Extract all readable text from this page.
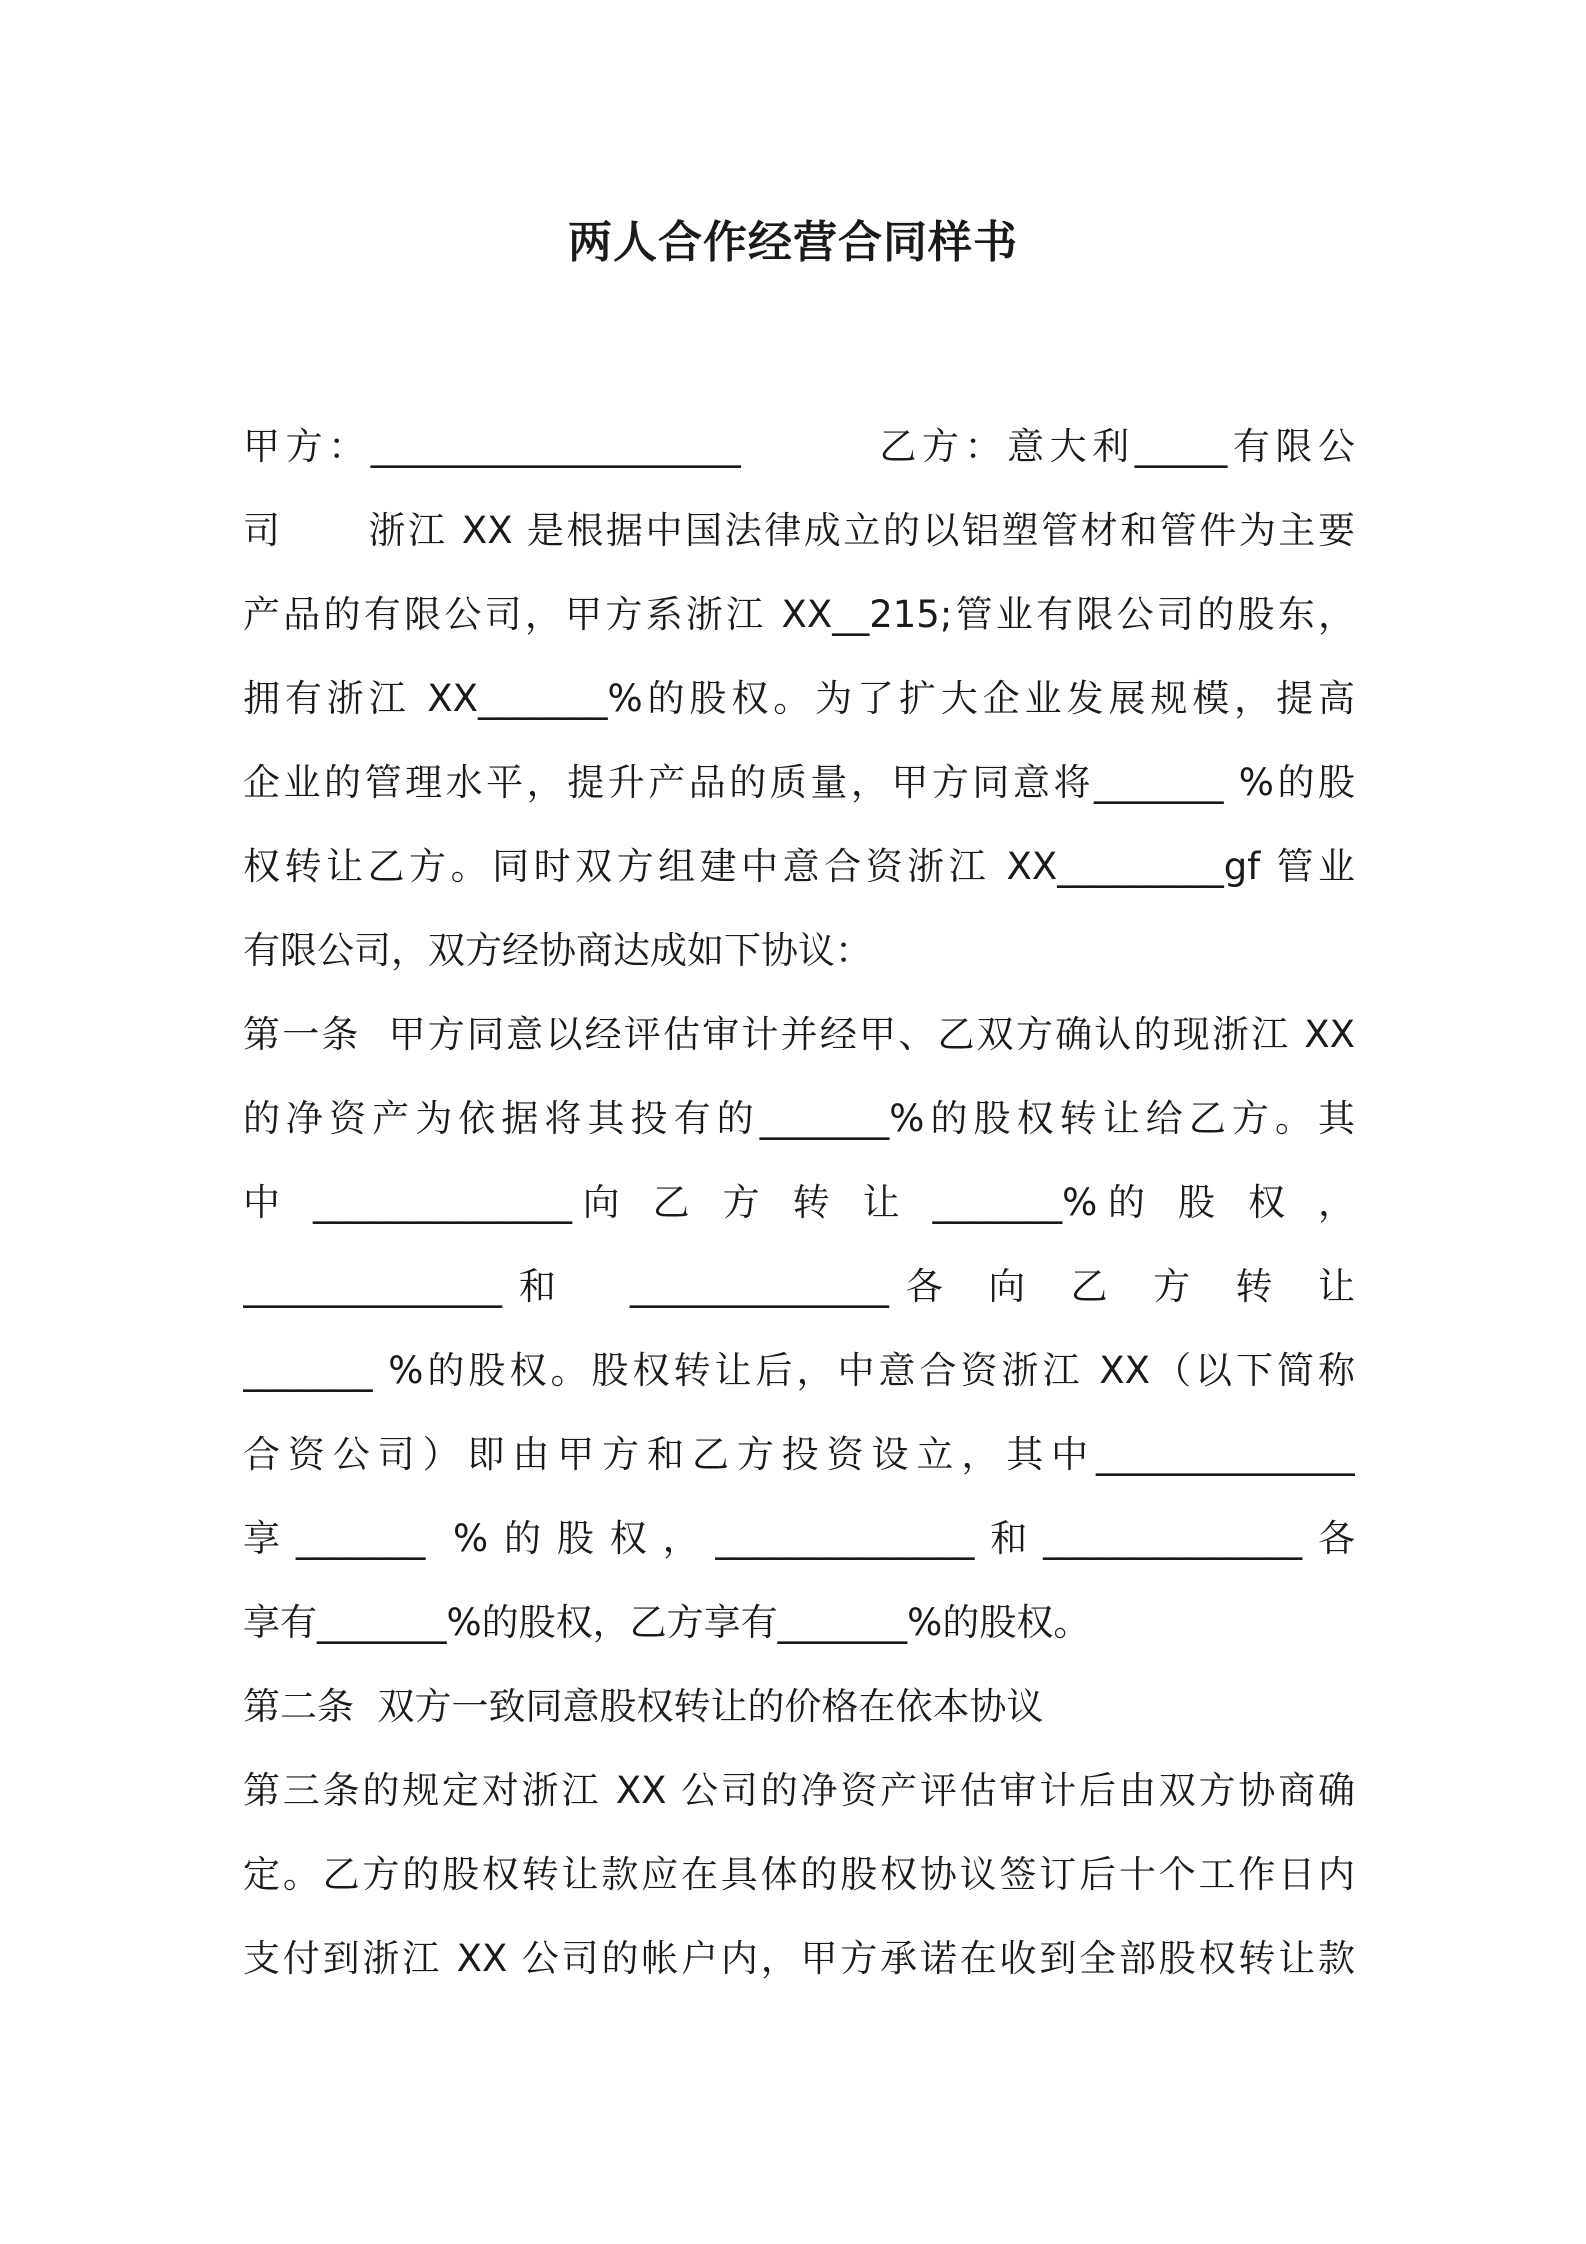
两人合作经营合同样书
甲方：____________________        乙方：意大利_____有限公
司      浙江 XX 是根据中国法律成立的以铝塑管材和管件为主要
产品的有限公司，甲方系浙江 XX__215;管业有限公司的股东，
拥有浙江 XX_______%的股权。为了扩大企业发展规模，提高
企业的管理水平，提升产品的质量，甲方同意将_______ %的股
权转让乙方。同时双方组建中意合资浙江 XX_________gf 管业
有限公司，双方经协商达成如下协议：
第一条  甲方同意以经评估审计并经甲、乙双方确认的现浙江 XX
的净资产为依据将其投有的_______%的股权转让给乙方。其
中 ______________向 乙 方 转 让 _______%的 股 权 ，
______________和  ______________各 向 乙 方 转 让
_______ %的股权。股权转让后，中意合资浙江 XX（以下简称
合资公司）即由甲方和乙方投资设立，其中______________
享_______ %的股权，______________和______________各
享有_______%的股权，乙方享有_______%的股权。
第二条  双方一致同意股权转让的价格在依本协议
第三条的规定对浙江 XX 公司的净资产评估审计后由双方协商确
定。乙方的股权转让款应在具体的股权协议签订后十个工作日内
支付到浙江 XX 公司的帐户内，甲方承诺在收到全部股权转让款
